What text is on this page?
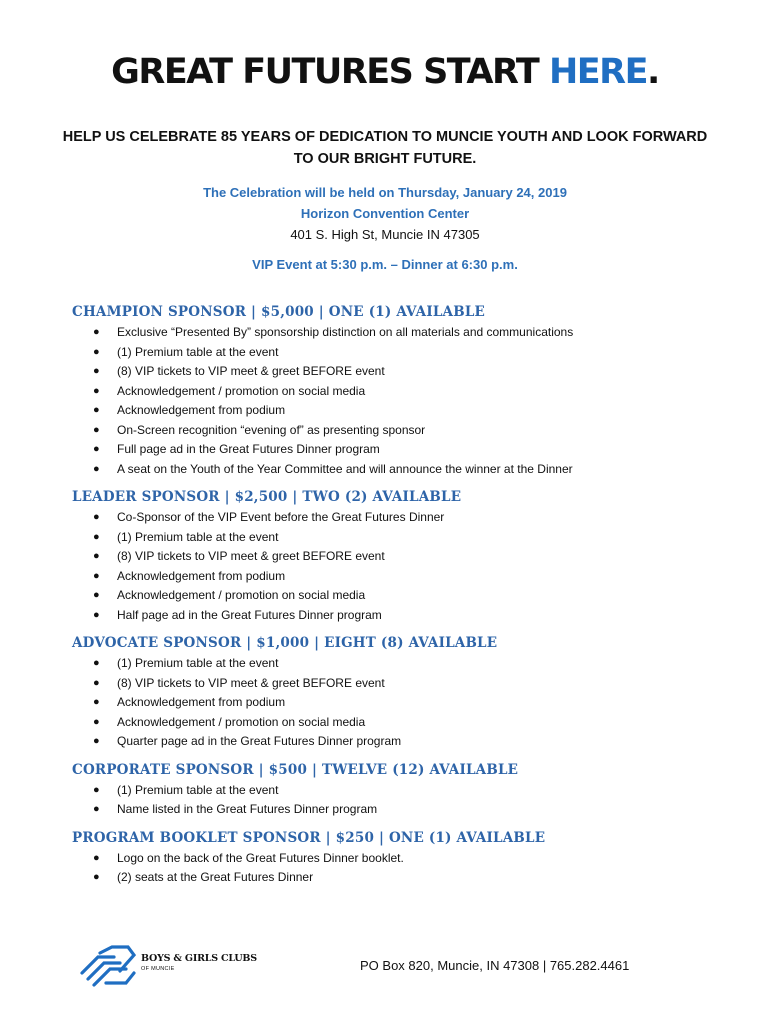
GREAT FUTURES START HERE.
HELP US CELEBRATE 85 YEARS OF DEDICATION TO MUNCIE YOUTH AND LOOK FORWARD TO OUR BRIGHT FUTURE.
The Celebration will be held on Thursday, January 24, 2019
Horizon Convention Center
401 S. High St, Muncie IN 47305
VIP Event at 5:30 p.m. – Dinner at 6:30 p.m.
CHAMPION SPONSOR | $5,000 | ONE (1) AVAILABLE
● Exclusive “Presented By” sponsorship distinction on all materials and communications
● (1) Premium table at the event
● (8) VIP tickets to VIP meet & greet BEFORE event
● Acknowledgement / promotion on social media
● Acknowledgement from podium
● On-Screen recognition “evening of” as presenting sponsor
● Full page ad in the Great Futures Dinner program
● A seat on the Youth of the Year Committee and will announce the winner at the Dinner
LEADER SPONSOR | $2,500 | TWO (2) AVAILABLE
● Co-Sponsor of the VIP Event before the Great Futures Dinner
● (1) Premium table at the event
● (8) VIP tickets to VIP meet & greet BEFORE event
● Acknowledgement from podium
● Acknowledgement / promotion on social media
● Half page ad in the Great Futures Dinner program
ADVOCATE SPONSOR | $1,000 | EIGHT (8) AVAILABLE
● (1) Premium table at the event
● (8) VIP tickets to VIP meet & greet BEFORE event
● Acknowledgement from podium
● Acknowledgement / promotion on social media
● Quarter page ad in the Great Futures Dinner program
CORPORATE SPONSOR | $500 | TWELVE (12) AVAILABLE
● (1) Premium table at the event
● Name listed in the Great Futures Dinner program
PROGRAM BOOKLET SPONSOR | $250 | ONE (1) AVAILABLE
● Logo on the back of the Great Futures Dinner booklet.
● (2) seats at the Great Futures Dinner
BOYS & GIRLS CLUBS
OF MUNCIE	PO Box 820, Muncie, IN 47308 | 765.282.4461
